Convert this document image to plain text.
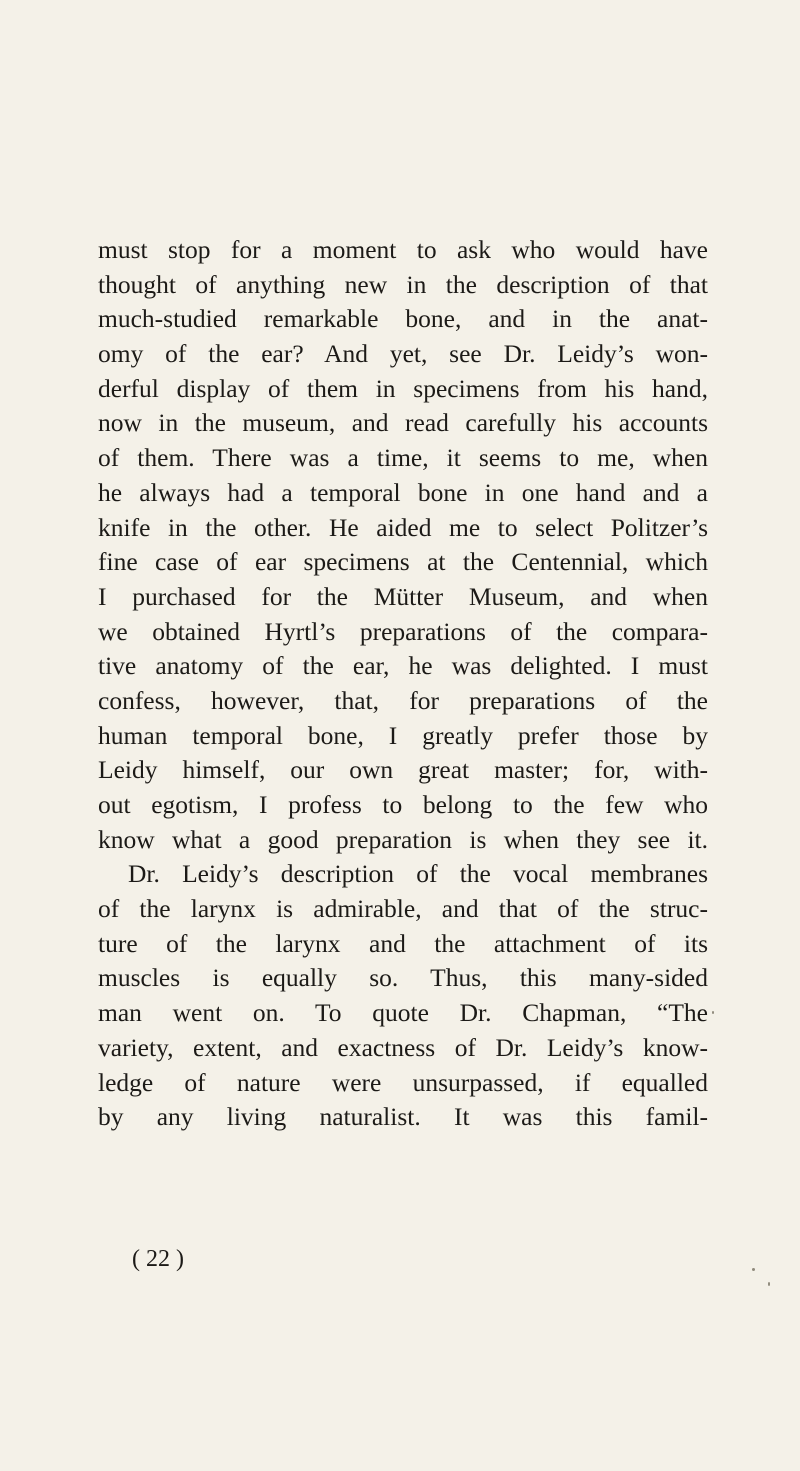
must stop for a moment to ask who would have
thought of anything new in the description of that
much-studied remarkable bone, and in the anat-
omy of the ear? And yet, see Dr. Leidy’s won-
derful display of them in specimens from his hand,
now in the museum, and read carefully his accounts
of them. There was a time, it seems to me, when
he always had a temporal bone in one hand and a
knife in the other. He aided me to select Politzer’s
fine case of ear specimens at the Centennial, which
I purchased for the Mütter Museum, and when
we obtained Hyrtl’s preparations of the compara-
tive anatomy of the ear, he was delighted. I must
confess, however, that, for preparations of the
human temporal bone, I greatly prefer those by
Leidy himself, our own great master; for, with-
out egotism, I profess to belong to the few who
know what a good preparation is when they see it.
Dr. Leidy’s description of the vocal membranes
of the larynx is admirable, and that of the struc-
ture of the larynx and the attachment of its
muscles is equally so. Thus, this many-sided
man went on. To quote Dr. Chapman, “The
variety, extent, and exactness of Dr. Leidy’s know-
ledge of nature were unsurpassed, if equalled
by any living naturalist. It was this famil-
( 22 )
